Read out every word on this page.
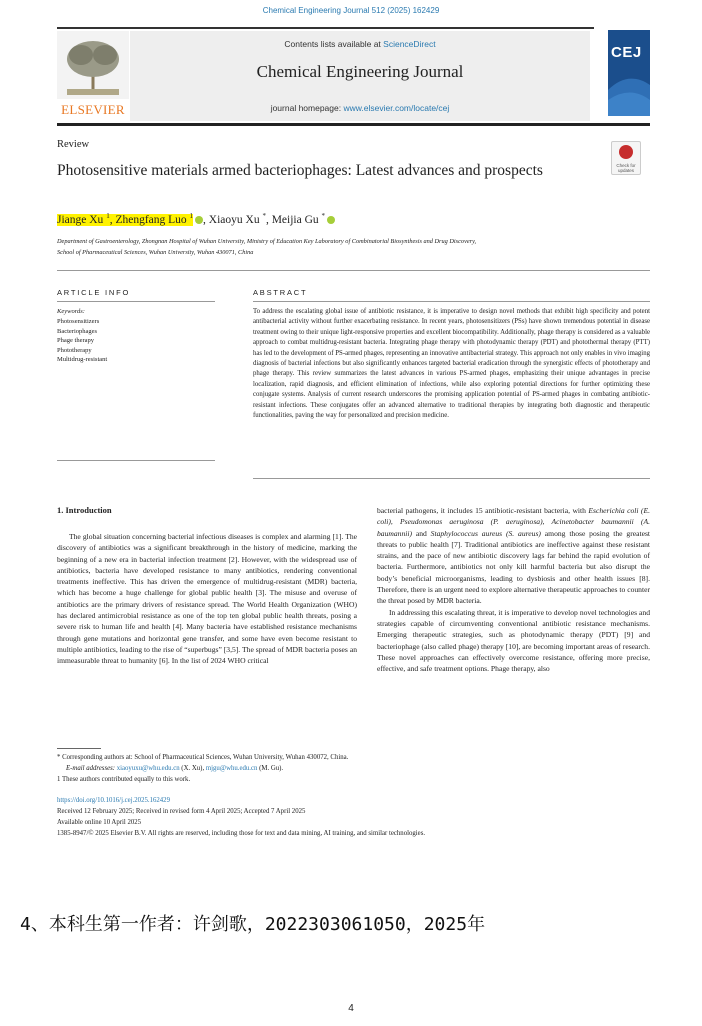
Chemical Engineering Journal 512 (2025) 162429
ELSEVIER
Contents lists available at ScienceDirect
Chemical Engineering Journal
journal homepage: www.elsevier.com/locate/cej
CEJ
Review
Photosensitive materials armed bacteriophages: Latest advances and prospects	Check for updates
Jiange Xu $^1$, Zhengfang Luo $^1$ , Xiaoyu Xu *, Meijia Gu *
Department of Gastroenterology, Zhongnan Hospital of Wuhan University, Ministry of Education Key Laboratory of Combinatorial Biosynthesis and Drug Discovery,
School of Pharmaceutical Sciences, Wuhan University, Wuhan 430071, China
ARTICLE INFO
Keywords:
Photosensitizers
Bacteriophages
Phage therapy
Phototherapy
Multidrug-resistant
ABSTRACT
To address the escalating global issue of antibiotic resistance, it is imperative to design novel methods that exhibit high specificity and potent antibacterial activity without further exacerbating resistance. In recent years, photosensitizers (PSs) have shown tremendous potential in disease treatment owing to their unique light-responsive properties and excellent biocompatibility. Additionally, phage therapy is considered as a valuable approach to combat multidrug-resistant bacteria. Integrating phage therapy with photodynamic therapy (PDT) and photothermal therapy (PTT) has led to the development of PS-armed phages, representing an innovative antibacterial strategy. This approach not only enables in vivo imaging diagnosis of bacterial infections but also significantly enhances targeted bacterial eradication through the synergistic effects of phototherapy and phage therapy. This review summarizes the latest advances in various PS-armed phages, emphasizing their unique advantages in precise localization, rapid diagnosis, and efficient elimination of infections, while also exploring potential directions for further optimizing these conjugate systems. Analysis of current research underscores the promising application potential of PS-armed phages in combating antibiotic-resistant infections. These conjugates offer an advanced alternative to traditional therapies by integrating both diagnostic and therapeutic functionalities, paving the way for personalized and precision medicine.
1. Introduction

The global situation concerning bacterial infectious diseases is complex and alarming [1]. The discovery of antibiotics was a significant breakthrough in the history of medicine, marking the beginning of a new era in bacterial infection treatment [2]. However, with the widespread use of antibiotics, bacteria have developed resistance to many antibiotics, rendering conventional treatments ineffective. This has driven the emergence of multidrug-resistant (MDR) bacteria, which has become a huge challenge for global public health [3]. The misuse and overuse of antibiotics are the primary drivers of resistance spread. The World Health Organization (WHO) has declared antimicrobial resistance as one of the top ten global public health threats, posing a severe risk to human life and health [4]. Many bacteria have established resistance mechanisms through gene mutations and horizontal gene transfer, and some have even become resistant to multiple antibiotics, leading to the rise of “superbugs” [3,5]. The spread of MDR bacteria poses an immeasurable threat to humanity [6]. In the list of 2024 WHO critical

bacterial pathogens, it includes 15 antibiotic-resistant bacteria, with Escherichia coli (E. coli), Pseudomonas aeruginosa (P. aeruginosa), Acinetobacter baumannii (A. baumannii) and Staphylococcus aureus (S. aureus) among those posing the greatest threats to public health [7]. Traditional antibiotics are ineffective against these resistant strains, and the pace of new antibiotic discovery lags far behind the rapid evolution of bacteria. Furthermore, antibiotics not only kill harmful bacteria but also disrupt the body’s beneficial microorganisms, leading to dysbiosis and other health issues [8]. Therefore, there is an urgent need to explore alternative therapeutic approaches to counter the threat posed by MDR bacteria.

In addressing this escalating threat, it is imperative to develop novel technologies and strategies capable of circumventing conventional antibiotic resistance mechanisms. Emerging therapeutic strategies, such as photodynamic therapy (PDT) [9] and bacteriophage (also called phage) therapy [10], are becoming important areas of research. These novel approaches can effectively overcome resistance, offering more precise, effective, and safe treatment options. Phage therapy, also

* Corresponding authors at: School of Pharmaceutical Sciences, Wuhan University, Wuhan 430072, China.
E-mail addresses: xiaoyuxu@whu.edu.cn (X. Xu), mjgu@whu.edu.cn (M. Gu).
1 These authors contributed equally to this work.
https://doi.org/10.1016/j.cej.2025.162429
Received 12 February 2025; Received in revised form 4 April 2025; Accepted 7 April 2025
Available online 10 April 2025
1385-8947/© 2025 Elsevier B.V. All rights are reserved, including those for text and data mining, AI training, and similar technologies.
4、本科生第一作者：许剑歌，2022303061050，2025年
4
